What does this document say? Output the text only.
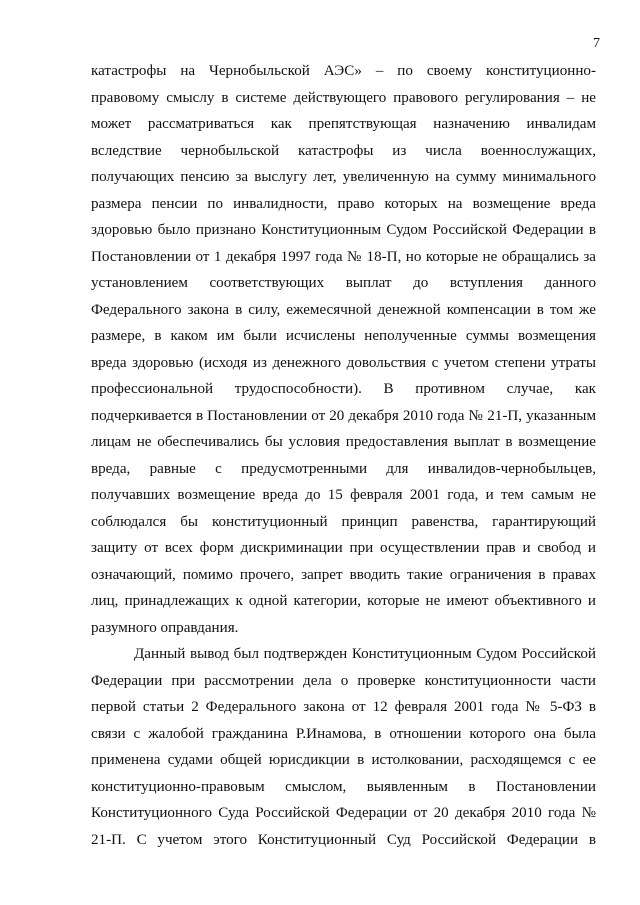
7
катастрофы на Чернобыльской АЭС» – по своему конституционно-
правовому смыслу в системе действующего правового регулирования – не
может рассматриваться как препятствующая назначению инвалидам
вследствие чернобыльской катастрофы из числа военнослужащих,
получающих пенсию за выслугу лет, увеличенную на сумму минимального
размера пенсии по инвалидности, право которых на возмещение вреда
здоровью было признано Конституционным Судом Российской Федерации в
Постановлении от 1 декабря 1997 года № 18-П, но которые не обращались за
установлением соответствующих выплат до вступления данного
Федерального закона в силу, ежемесячной денежной компенсации в том же
размере, в каком им были исчислены неполученные суммы возмещения
вреда здоровью (исходя из денежного довольствия с учетом степени утраты
профессиональной трудоспособности). В противном случае, как
подчеркивается в Постановлении от 20 декабря 2010 года № 21-П, указанным
лицам не обеспечивались бы условия предоставления выплат в возмещение
вреда, равные с предусмотренными для инвалидов-чернобыльцев,
получавших возмещение вреда до 15 февраля 2001 года, и тем самым не
соблюдался бы конституционный принцип равенства, гарантирующий
защиту от всех форм дискриминации при осуществлении прав и свобод и
означающий, помимо прочего, запрет вводить такие ограничения в правах
лиц, принадлежащих к одной категории, которые не имеют объективного и
разумного оправдания.
Данный вывод был подтвержден Конституционным Судом Российской
Федерации при рассмотрении дела о проверке конституционности части
первой статьи 2 Федерального закона от 12 февраля 2001 года № 5-ФЗ в
связи с жалобой гражданина Р.Инамова, в отношении которого она была
применена судами общей юрисдикции в истолковании, расходящемся с ее
конституционно-правовым смыслом, выявленным в Постановлении
Конституционного Суда Российской Федерации от 20 декабря 2010 года №
21-П. С учетом этого Конституционный Суд Российской Федерации в
